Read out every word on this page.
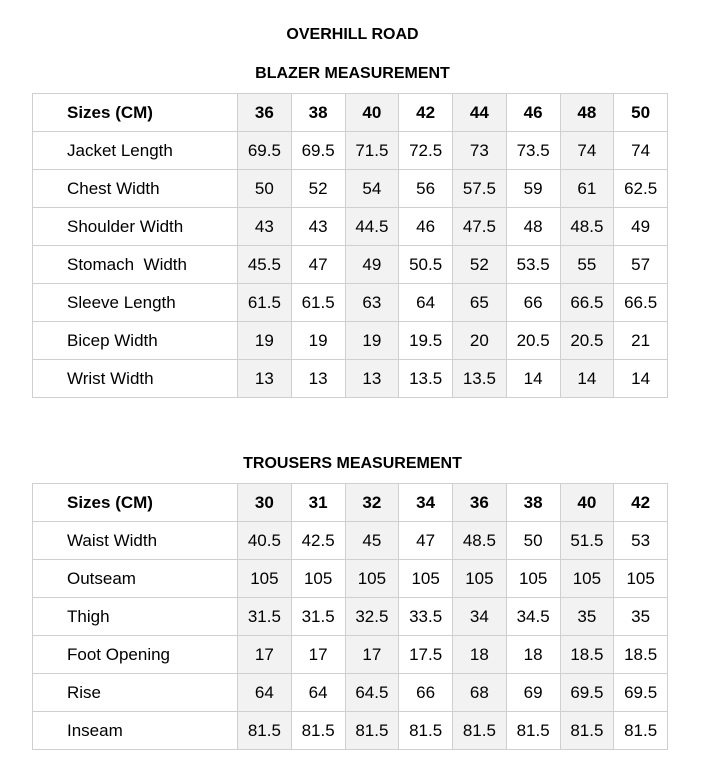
OVERHILL ROAD
BLAZER MEASUREMENT
Sizes (CM)	36	38	40	42	44	46	48	50
Jacket Length	69.5	69.5	71.5	72.5	73	73.5	74	74
Chest Width	50	52	54	56	57.5	59	61	62.5
Shoulder Width	43	43	44.5	46	47.5	48	48.5	49
Stomach  Width	45.5	47	49	50.5	52	53.5	55	57
Sleeve Length	61.5	61.5	63	64	65	66	66.5	66.5
Bicep Width	19	19	19	19.5	20	20.5	20.5	21
Wrist Width	13	13	13	13.5	13.5	14	14	14
TROUSERS MEASUREMENT
Sizes (CM)	30	31	32	34	36	38	40	42
Waist Width	40.5	42.5	45	47	48.5	50	51.5	53
Outseam	105	105	105	105	105	105	105	105
Thigh	31.5	31.5	32.5	33.5	34	34.5	35	35
Foot Opening	17	17	17	17.5	18	18	18.5	18.5
Rise	64	64	64.5	66	68	69	69.5	69.5
Inseam	81.5	81.5	81.5	81.5	81.5	81.5	81.5	81.5
